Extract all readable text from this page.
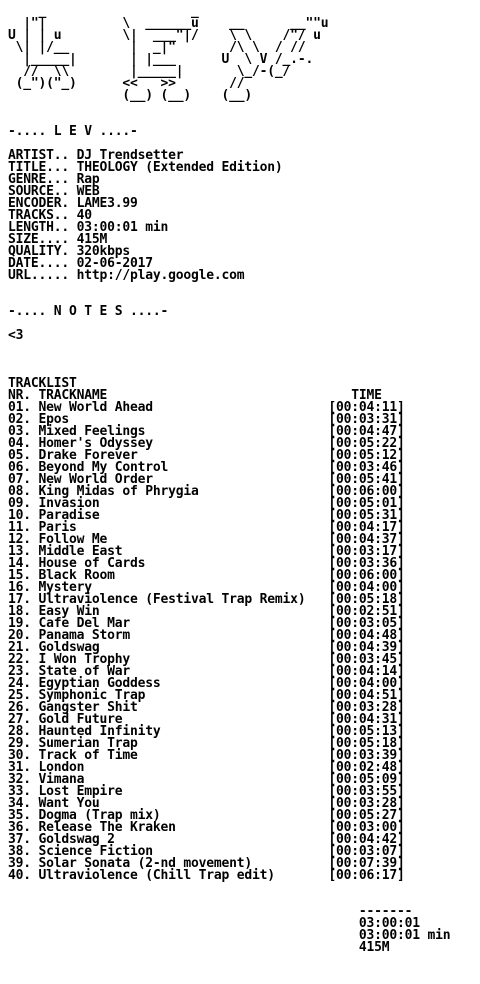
_                   _
|"|          \  ______u    __      __""u
U | | u        \|  ___"|/    \ \    /"/ u
\| |/__        |  _|"       /\ \  / //
|_____|       | |___      U  \ V /_.-.
//  \\        |_____|       \_/-(_/
(_")("_)      <<   >>       //
(__) (__)    (__)

-.... L E V ....-

ARTIST.. DJ Trendsetter
TITLE... THEOLOGY (Extended Edition)
GENRE... Rap
SOURCE.. WEB
ENCODER. LAME3.99
TRACKS.. 40
LENGTH.. 03:00:01 min
SIZE.... 415M
QUALITY. 320kbps
DATE.... 02-06-2017
URL..... http://play.google.com

-.... N O T E S ....-

<3

TRACKLIST
NR. TRACKNAME                                TIME
01. New World Ahead                       [00:04:11]
02. Epos                                  [00:03:31]
03. Mixed Feelings                        [00:04:47]
04. Homer's Odyssey                       [00:05:22]
05. Drake Forever                         [00:05:12]
06. Beyond My Control                     [00:03:46]
07. New World Order                       [00:05:41]
08. King Midas of Phrygia                 [00:06:00]
09. Invasion                              [00:05:01]
10. Paradise                              [00:05:31]
11. Paris                                 [00:04:17]
12. Follow Me                             [00:04:37]
13. Middle East                           [00:03:17]
14. House of Cards                        [00:03:36]
15. Black Room                            [00:06:00]
16. Mystery                               [00:04:00]
17. Ultraviolence (Festival Trap Remix)   [00:05:18]
18. Easy Win                              [00:02:51]
19. Cafe Del Mar                          [00:03:05]
20. Panama Storm                          [00:04:48]
21. Goldswag                              [00:04:39]
22. I Won Trophy                          [00:03:45]
23. State of War                          [00:04:14]
24. Egyptian Goddess                      [00:04:00]
25. Symphonic Trap                        [00:04:51]
26. Gangster Shit                         [00:03:28]
27. Gold Future                           [00:04:31]
28. Haunted Infinity                      [00:05:13]
29. Sumerian Trap                         [00:05:18]
30. Track of Time                         [00:03:39]
31. London                                [00:02:48]
32. Vimana                                [00:05:09]
33. Lost Empire                           [00:03:55]
34. Want You                              [00:03:28]
35. Dogma (Trap mix)                      [00:05:27]
36. Release The Kraken                    [00:03:00]
37. Goldswag 2                            [00:04:42]
38. Science Fiction                       [00:03:07]
39. Solar Sonata (2-nd movement)          [00:07:39]
40. Ultraviolence (Chill Trap edit)       [00:06:17]

-------
03:00:01
03:00:01 min
415M
